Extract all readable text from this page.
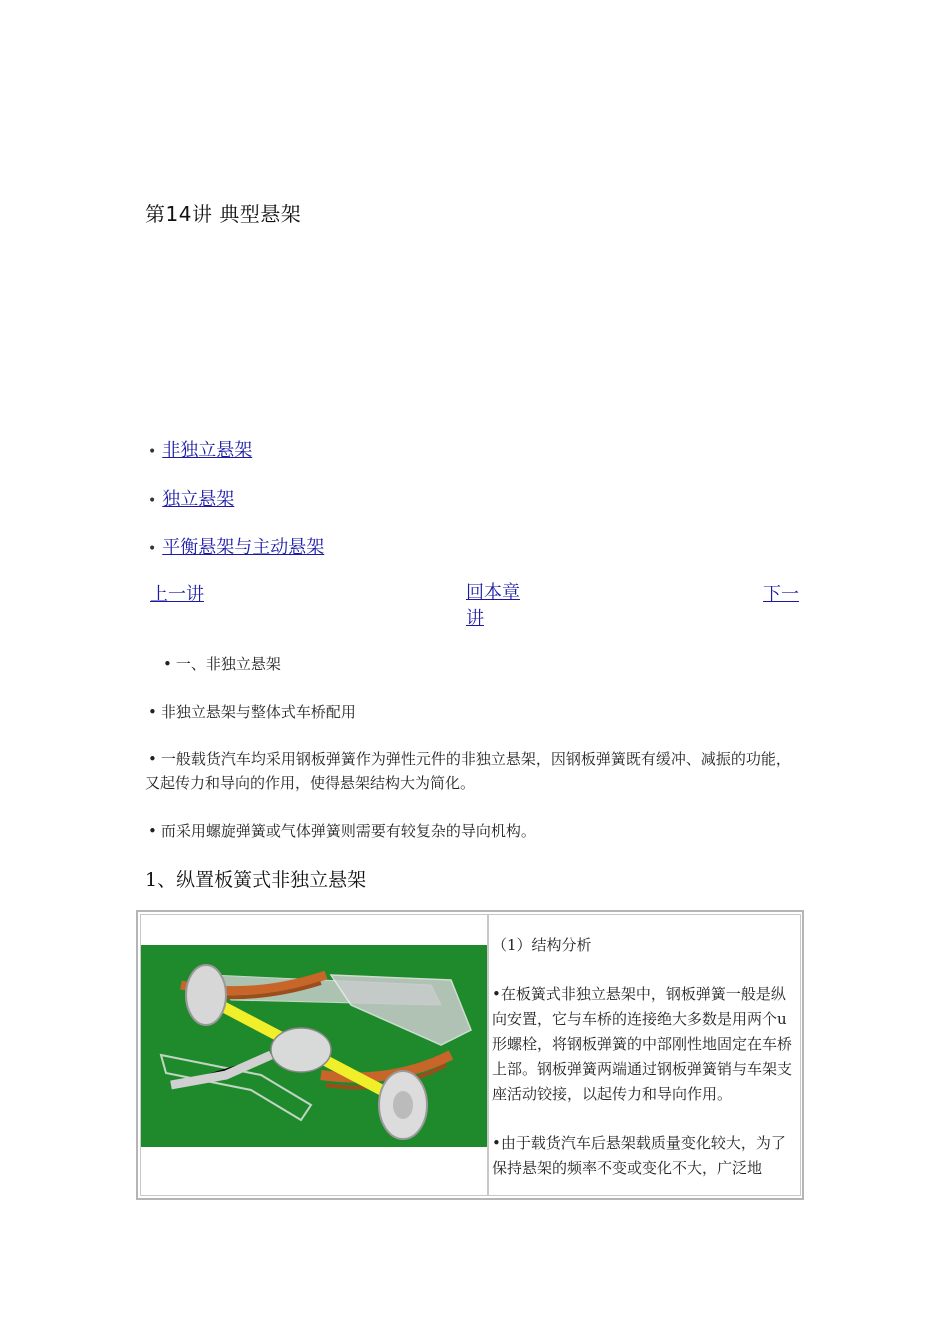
第14讲 典型悬架
• 非独立悬架
• 独立悬架
• 平衡悬架与主动悬架
上一讲	回本章
讲
下一
• 一、非独立悬架
• 非独立悬架与整体式车桥配用
• 一般载货汽车均采用钢板弹簧作为弹性元件的非独立悬架，因钢板弹簧既有缓冲、减振的功能，
又起传力和导向的作用，使得悬架结构大为简化。
• 而采用螺旋弹簧或气体弹簧则需要有较复杂的导向机构。
1、纵置板簧式非独立悬架

（1）结构分析

•在板簧式非独立悬架中，钢板弹簧一般是纵向安置，它与车桥的连接绝大多数是用两个u形螺栓，将钢板弹簧的中部刚性地固定在车桥上部。钢板弹簧两端通过钢板弹簧销与车架支座活动铰接，以起传力和导向作用。

•由于载货汽车后悬架载质量变化较大，为了保持悬架的频率不变或变化不大，广泛地
